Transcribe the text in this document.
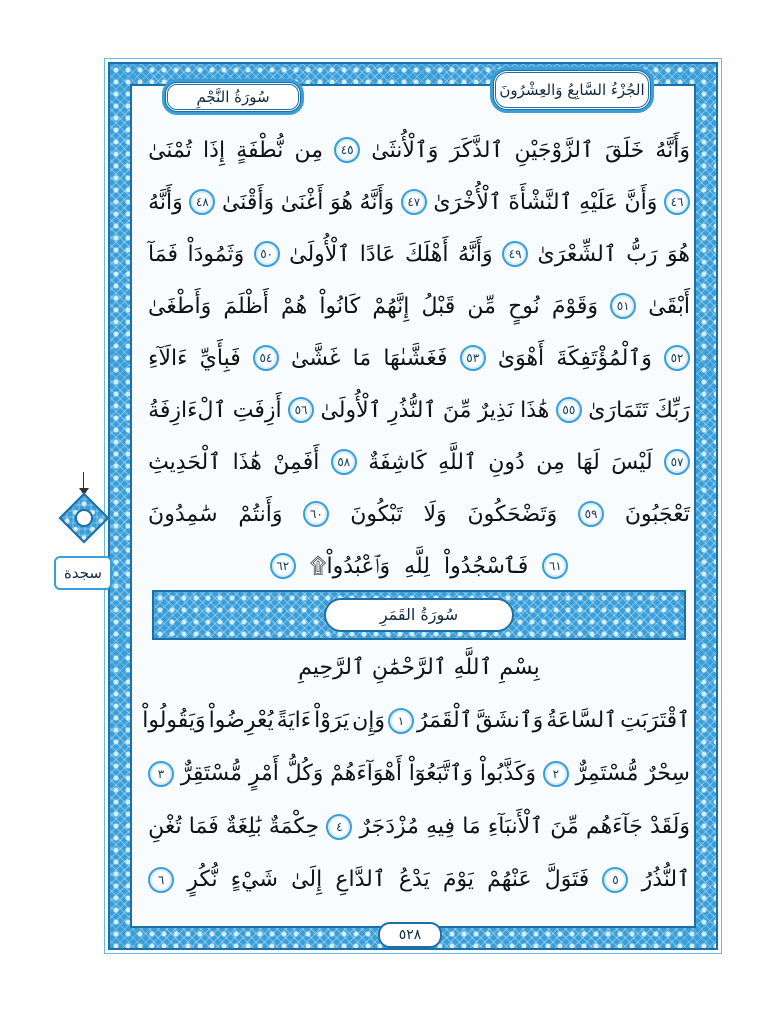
الجُزْءُ السَّابِعُ وَالعِشْرُونَ
سُورَةُ النَّجْمِ
وَأَنَّهُ
خَلَقَ
ٱلزَّوْجَيْنِ
ٱلذَّكَرَ
وَٱلْأُنثَىٰ
٤٥
مِن
نُّطْفَةٍ
إِذَا
تُمْنَىٰ
٤٦
وَأَنَّ
عَلَيْهِ
ٱلنَّشْأَةَ
ٱلْأُخْرَىٰ
٤٧
وَأَنَّهُ
هُوَ
أَغْنَىٰ
وَأَقْنَىٰ
٤٨
وَأَنَّهُ
هُوَ
رَبُّ
ٱلشِّعْرَىٰ
٤٩
وَأَنَّهُ
أَهْلَكَ
عَادًا
ٱلْأُولَىٰ
٥٠
وَثَمُودَاْ
فَمَآ
أَبْقَىٰ
٥١
وَقَوْمَ
نُوحٍ
مِّن
قَبْلُ
إِنَّهُمْ
كَانُواْ
هُمْ
أَظْلَمَ
وَأَطْغَىٰ
٥٢
وَٱلْمُؤْتَفِكَةَ
أَهْوَىٰ
٥٣
فَغَشَّىٰهَا
مَا
غَشَّىٰ
٥٤
فَبِأَيِّ
ءَالَآءِ
رَبِّكَ
تَتَمَارَىٰ
٥٥
هَٰذَا
نَذِيرٌ
مِّنَ
ٱلنُّذُرِ
ٱلْأُولَىٰ
٥٦
أَزِفَتِ
ٱلْءَازِفَةُ
٥٧
لَيْسَ
لَهَا
مِن
دُونِ
ٱللَّهِ
كَاشِفَةٌ
٥٨
أَفَمِنْ
هَٰذَا
ٱلْحَدِيثِ
تَعْجَبُونَ
٥٩
وَتَضْحَكُونَ
وَلَا
تَبْكُونَ
٦٠
وَأَنتُمْ
سَٰمِدُونَ
٦١
فَٱسْجُدُواْ
لِلَّهِ
وَٱعْبُدُواْ۩
٦٢
سُورَةُ القَمَرِ
بِسْمِ ٱللَّهِ ٱلرَّحْمَٰنِ ٱلرَّحِيمِ
ٱقْتَرَبَتِ
ٱلسَّاعَةُ
وَٱنشَقَّ
ٱلْقَمَرُ
١
وَإِن
يَرَوْاْ
ءَايَةً
يُعْرِضُواْ
وَيَقُولُواْ
سِحْرٌ
مُّسْتَمِرٌّ
٢
وَكَذَّبُواْ
وَٱتَّبَعُوٓاْ
أَهْوَآءَهُمْ
وَكُلُّ
أَمْرٍ
مُّسْتَقِرٌّ
٣
وَلَقَدْ
جَآءَهُم
مِّنَ
ٱلْأَنبَآءِ
مَا
فِيهِ
مُزْدَجَرٌ
٤
حِكْمَةٌ
بَٰلِغَةٌ
فَمَا
تُغْنِ
ٱلنُّذُرُ
٥
فَتَوَلَّ
عَنْهُمْ
يَوْمَ
يَدْعُ
ٱلدَّاعِ
إِلَىٰ
شَيْءٍ
نُّكُرٍ
٦
٥٢٨
سجدة
